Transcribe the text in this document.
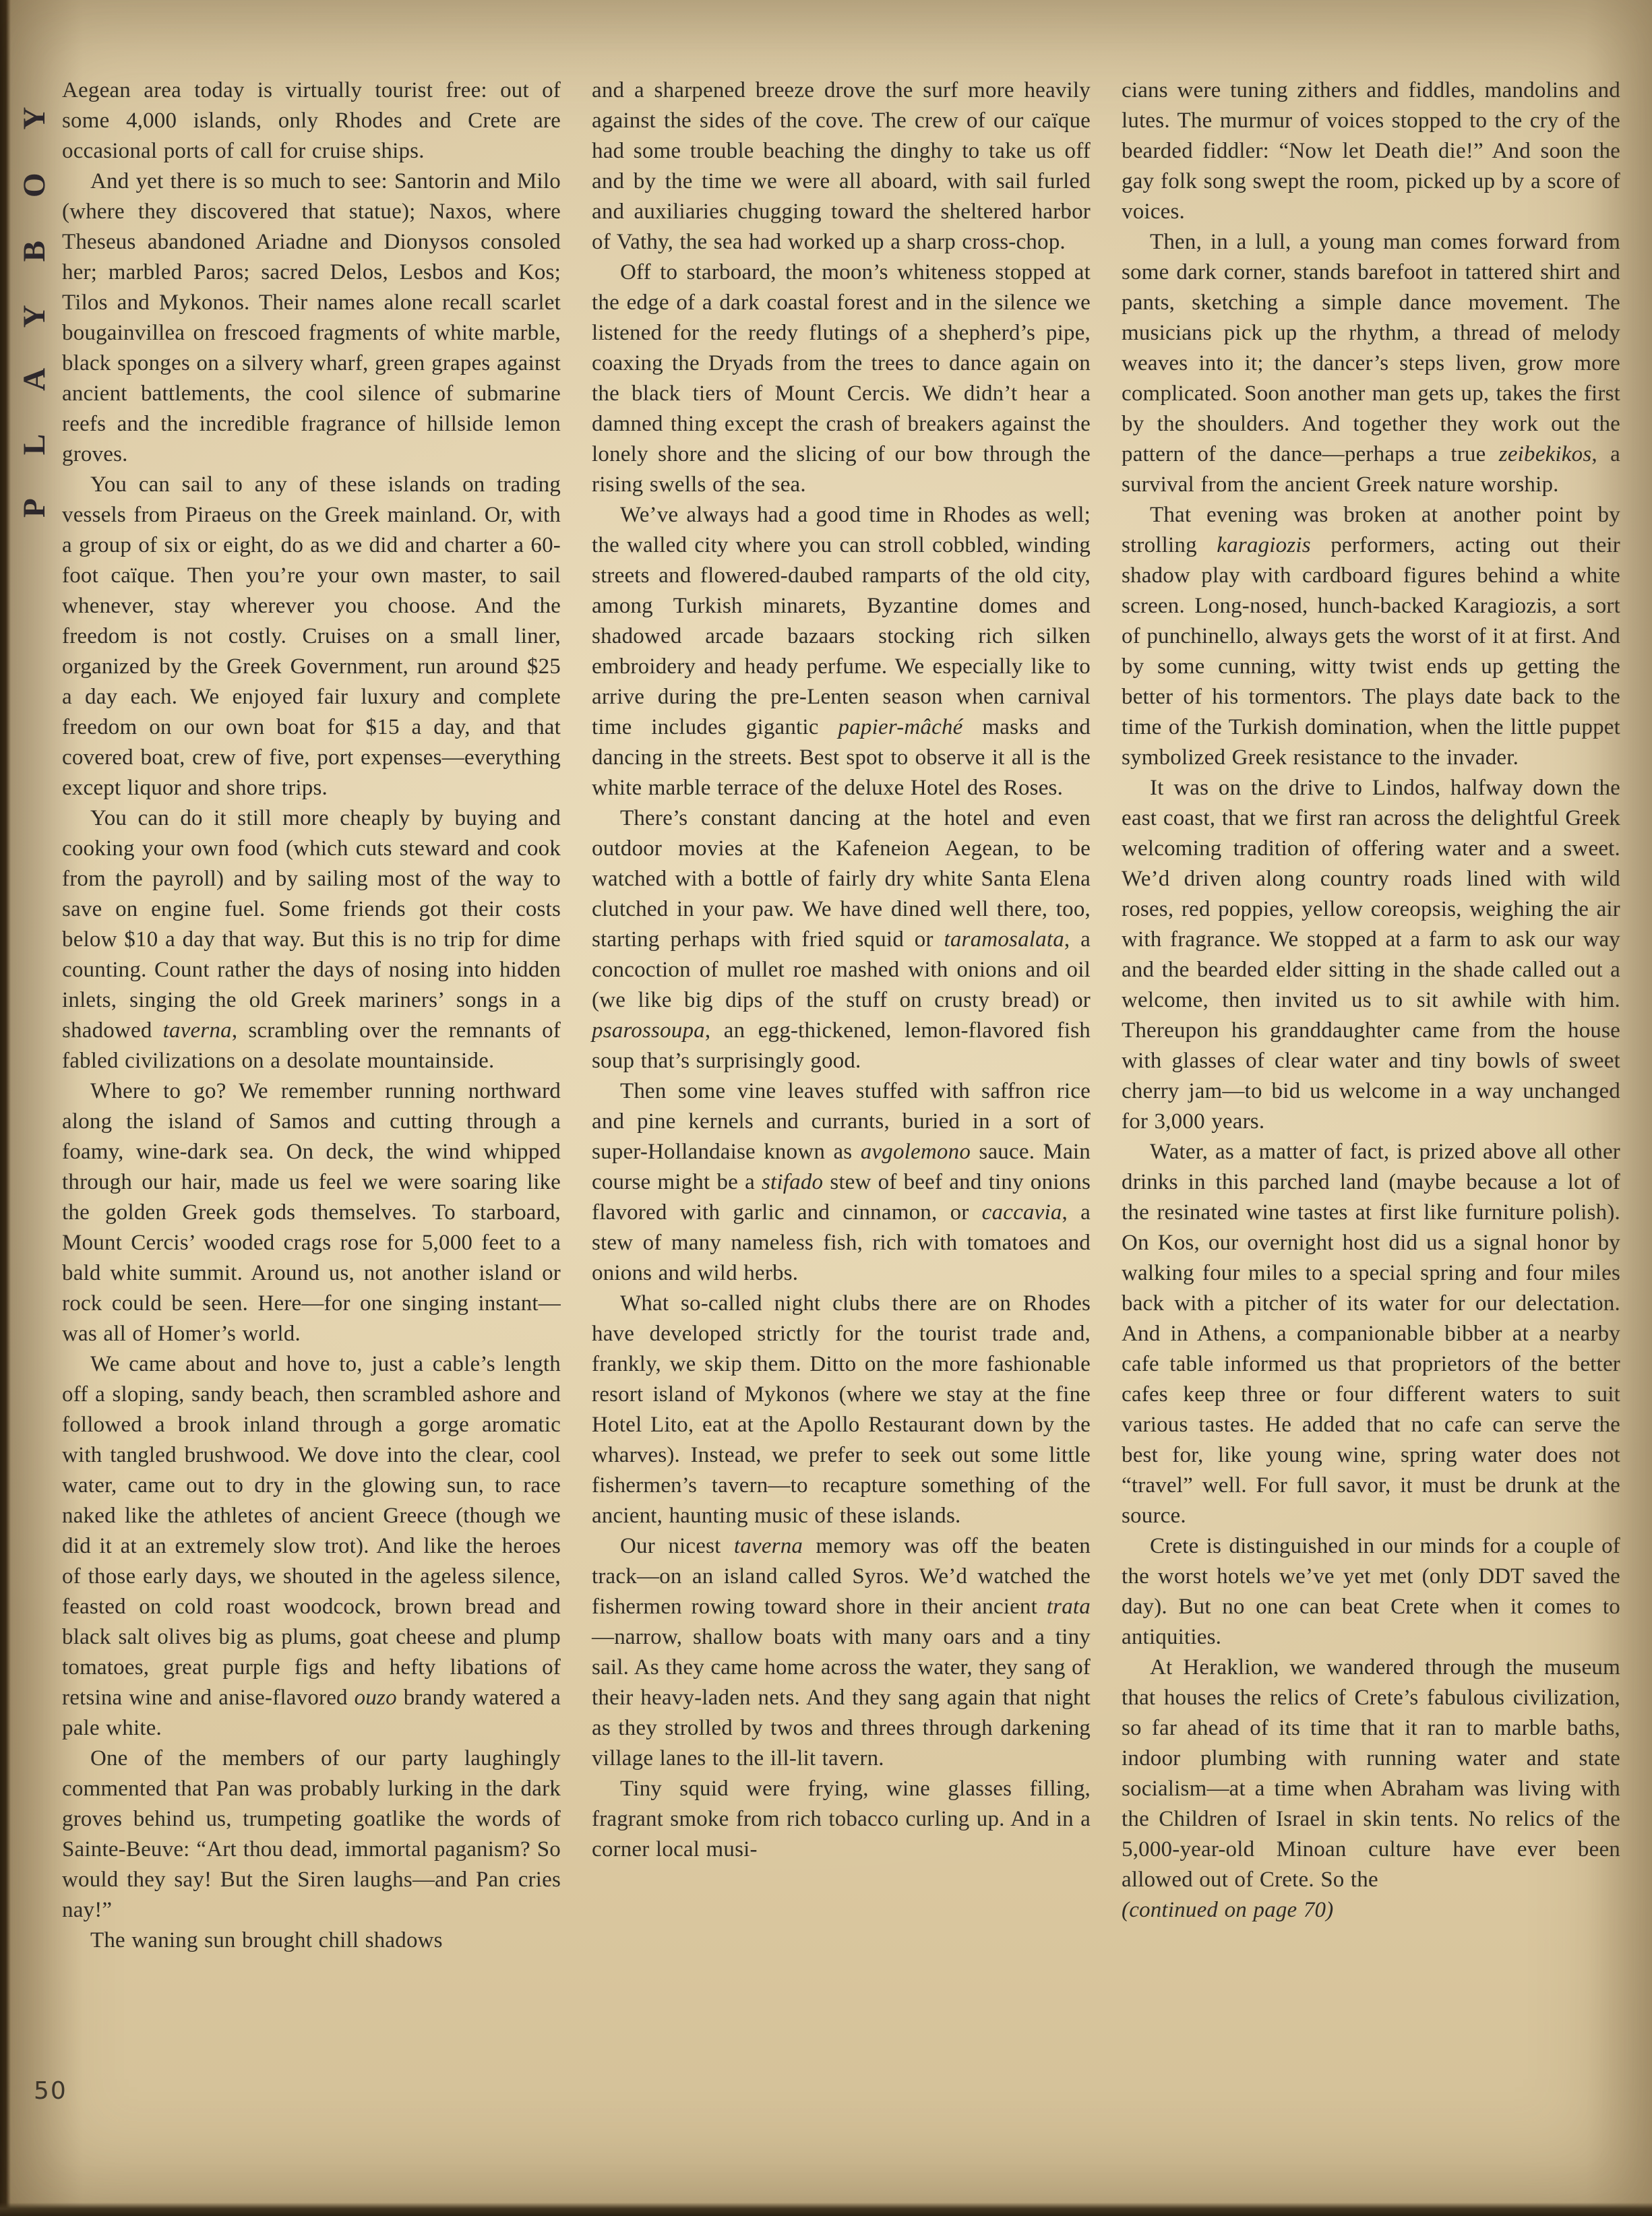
PLAYBOY
50

Aegean area today is virtually tourist free: out of some 4,000 islands, only Rhodes and Crete are occasional ports of call for cruise ships.

And yet there is so much to see: Santorin and Milo (where they discovered that statue); Naxos, where Theseus abandoned Ariadne and Dionysos consoled her; marbled Paros; sacred Delos, Lesbos and Kos; Tilos and Mykonos. Their names alone recall scarlet bougainvillea on frescoed fragments of white marble, black sponges on a silvery wharf, green grapes against ancient battlements, the cool silence of submarine reefs and the incredible fragrance of hillside lemon groves.

You can sail to any of these islands on trading vessels from Piraeus on the Greek mainland. Or, with a group of six or eight, do as we did and charter a 60-foot caïque. Then you’re your own master, to sail whenever, stay wherever you choose. And the freedom is not costly. Cruises on a small liner, organized by the Greek Government, run around $25 a day each. We enjoyed fair luxury and complete freedom on our own boat for $15 a day, and that covered boat, crew of five, port expenses—everything except liquor and shore trips.

You can do it still more cheaply by buying and cooking your own food (which cuts steward and cook from the payroll) and by sailing most of the way to save on engine fuel. Some friends got their costs below $10 a day that way. But this is no trip for dime counting. Count rather the days of nosing into hidden inlets, singing the old Greek mariners’ songs in a shadowed taverna, scrambling over the remnants of fabled civilizations on a desolate mountainside.

Where to go? We remember running northward along the island of Samos and cutting through a foamy, wine-dark sea. On deck, the wind whipped through our hair, made us feel we were soaring like the golden Greek gods themselves. To starboard, Mount Cercis’ wooded crags rose for 5,000 feet to a bald white summit. Around us, not another island or rock could be seen. Here—for one singing instant—was all of Homer’s world.

We came about and hove to, just a cable’s length off a sloping, sandy beach, then scrambled ashore and followed a brook inland through a gorge aromatic with tangled brushwood. We dove into the clear, cool water, came out to dry in the glowing sun, to race naked like the athletes of ancient Greece (though we did it at an extremely slow trot). And like the heroes of those early days, we shouted in the ageless silence, feasted on cold roast woodcock, brown bread and black salt olives big as plums, goat cheese and plump tomatoes, great purple figs and hefty libations of retsina wine and anise-flavored ouzo brandy watered a pale white.

One of the members of our party laughingly commented that Pan was probably lurking in the dark groves behind us, trumpeting goatlike the words of Sainte-Beuve: “Art thou dead, immortal paganism? So would they say! But the Siren laughs—and Pan cries nay!”

The waning sun brought chill shadows

and a sharpened breeze drove the surf more heavily against the sides of the cove. The crew of our caïque had some trouble beaching the dinghy to take us off and by the time we were all aboard, with sail furled and auxiliaries chugging toward the sheltered harbor of Vathy, the sea had worked up a sharp cross-chop.

Off to starboard, the moon’s whiteness stopped at the edge of a dark coastal forest and in the silence we listened for the reedy flutings of a shepherd’s pipe, coaxing the Dryads from the trees to dance again on the black tiers of Mount Cercis. We didn’t hear a damned thing except the crash of breakers against the lonely shore and the slicing of our bow through the rising swells of the sea.

We’ve always had a good time in Rhodes as well; the walled city where you can stroll cobbled, winding streets and flowered-daubed ramparts of the old city, among Turkish minarets, Byzantine domes and shadowed arcade bazaars stocking rich silken embroidery and heady perfume. We especially like to arrive during the pre-Lenten season when carnival time includes gigantic papier-mâché masks and dancing in the streets. Best spot to observe it all is the white marble terrace of the deluxe Hotel des Roses.

There’s constant dancing at the hotel and even outdoor movies at the Kafeneion Aegean, to be watched with a bottle of fairly dry white Santa Elena clutched in your paw. We have dined well there, too, starting perhaps with fried squid or taramosalata, a concoction of mullet roe mashed with onions and oil (we like big dips of the stuff on crusty bread) or psarossoupa, an egg-thickened, lemon-flavored fish soup that’s surprisingly good.

Then some vine leaves stuffed with saffron rice and pine kernels and currants, buried in a sort of super-Hollandaise known as avgolemono sauce. Main course might be a stifado stew of beef and tiny onions flavored with garlic and cinnamon, or caccavia, a stew of many nameless fish, rich with tomatoes and onions and wild herbs.

What so-called night clubs there are on Rhodes have developed strictly for the tourist trade and, frankly, we skip them. Ditto on the more fashionable resort island of Mykonos (where we stay at the fine Hotel Lito, eat at the Apollo Restaurant down by the wharves). Instead, we prefer to seek out some little fishermen’s tavern—to recapture something of the ancient, haunting music of these islands.

Our nicest taverna memory was off the beaten track—on an island called Syros. We’d watched the fishermen rowing toward shore in their ancient trata—narrow, shallow boats with many oars and a tiny sail. As they came home across the water, they sang of their heavy-laden nets. And they sang again that night as they strolled by twos and threes through darkening village lanes to the ill-lit tavern.

Tiny squid were frying, wine glasses filling, fragrant smoke from rich tobacco curling up. And in a corner local musi-

cians were tuning zithers and fiddles, mandolins and lutes. The murmur of voices stopped to the cry of the bearded fiddler: “Now let Death die!” And soon the gay folk song swept the room, picked up by a score of voices.

Then, in a lull, a young man comes forward from some dark corner, stands barefoot in tattered shirt and pants, sketching a simple dance movement. The musicians pick up the rhythm, a thread of melody weaves into it; the dancer’s steps liven, grow more complicated. Soon another man gets up, takes the first by the shoulders. And together they work out the pattern of the dance—perhaps a true zeibekikos, a survival from the ancient Greek nature worship.

That evening was broken at another point by strolling karagiozis performers, acting out their shadow play with cardboard figures behind a white screen. Long-nosed, hunch-backed Karagiozis, a sort of punchinello, always gets the worst of it at first. And by some cunning, witty twist ends up getting the better of his tormentors. The plays date back to the time of the Turkish domination, when the little puppet symbolized Greek resistance to the invader.

It was on the drive to Lindos, halfway down the east coast, that we first ran across the delightful Greek welcoming tradition of offering water and a sweet. We’d driven along country roads lined with wild roses, red poppies, yellow coreopsis, weighing the air with fragrance. We stopped at a farm to ask our way and the bearded elder sitting in the shade called out a welcome, then invited us to sit awhile with him. Thereupon his granddaughter came from the house with glasses of clear water and tiny bowls of sweet cherry jam—to bid us welcome in a way unchanged for 3,000 years.

Water, as a matter of fact, is prized above all other drinks in this parched land (maybe because a lot of the resinated wine tastes at first like furniture polish). On Kos, our overnight host did us a signal honor by walking four miles to a special spring and four miles back with a pitcher of its water for our delectation. And in Athens, a companionable bibber at a nearby cafe table informed us that proprietors of the better cafes keep three or four different waters to suit various tastes. He added that no cafe can serve the best for, like young wine, spring water does not “travel” well. For full savor, it must be drunk at the source.

Crete is distinguished in our minds for a couple of the worst hotels we’ve yet met (only DDT saved the day). But no one can beat Crete when it comes to antiquities.

At Heraklion, we wandered through the museum that houses the relics of Crete’s fabulous civilization, so far ahead of its time that it ran to marble baths, indoor plumbing with running water and state socialism—at a time when Abraham was living with the Children of Israel in skin tents. No relics of the 5,000-year-old Minoan culture have ever been allowed out of Crete. So the

(continued on page 70)
